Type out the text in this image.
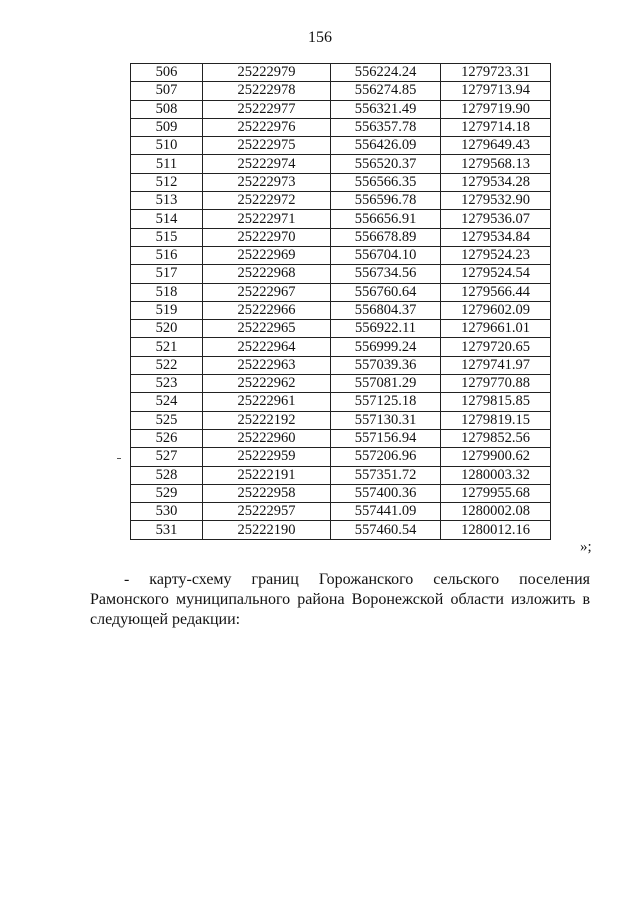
156
506	25222979	556224.24	1279723.31
507	25222978	556274.85	1279713.94
508	25222977	556321.49	1279719.90
509	25222976	556357.78	1279714.18
510	25222975	556426.09	1279649.43
511	25222974	556520.37	1279568.13
512	25222973	556566.35	1279534.28
513	25222972	556596.78	1279532.90
514	25222971	556656.91	1279536.07
515	25222970	556678.89	1279534.84
516	25222969	556704.10	1279524.23
517	25222968	556734.56	1279524.54
518	25222967	556760.64	1279566.44
519	25222966	556804.37	1279602.09
520	25222965	556922.11	1279661.01
521	25222964	556999.24	1279720.65
522	25222963	557039.36	1279741.97
523	25222962	557081.29	1279770.88
524	25222961	557125.18	1279815.85
525	25222192	557130.31	1279819.15
526	25222960	557156.94	1279852.56
527	25222959	557206.96	1279900.62
528	25222191	557351.72	1280003.32
529	25222958	557400.36	1279955.68
530	25222957	557441.09	1280002.08
531	25222190	557460.54	1280012.16
»;

- карту-схему границ Горожанского сельского поселения Рамонского муниципального района Воронежской области изложить в следующей редакции:
